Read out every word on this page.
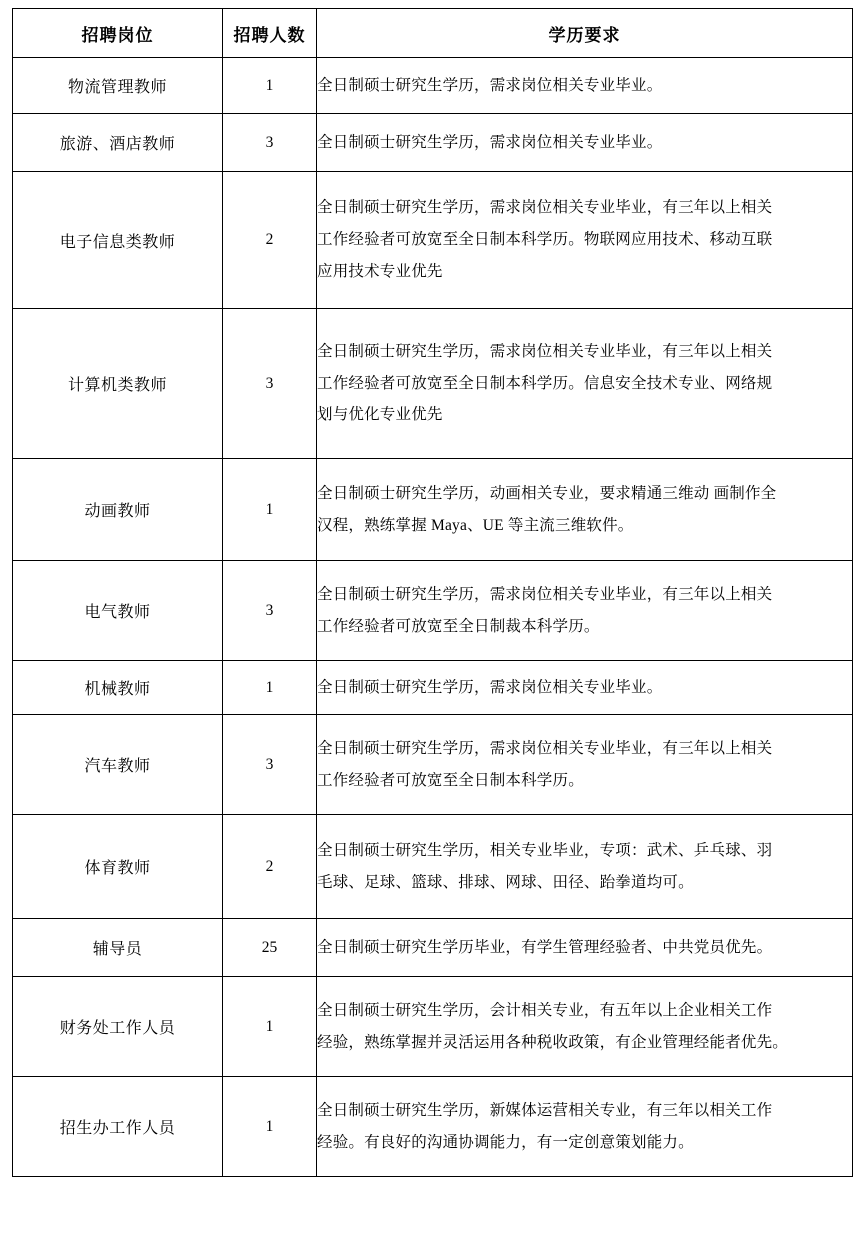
招聘岗位	招聘人数	学历要求
物流管理教师	1	全日制硕士研究生学历，需求岗位相关专业毕业。

旅游、酒店教师	3	全日制硕士研究生学历，需求岗位相关专业毕业。

电子信息类教师	2	全日制硕士研究生学历，需求岗位相关专业毕业，有三年以上相关
工作经验者可放宽至全日制本科学历。物联网应用技术、移动互联
应用技术专业优先

计算机类教师	3	全日制硕士研究生学历，需求岗位相关专业毕业，有三年以上相关
工作经验者可放宽至全日制本科学历。信息安全技术专业、网络规
划与优化专业优先

动画教师	1	全日制硕士研究生学历，动画相关专业，要求精通三维动 画制作全
汉程，熟练掌握 Maya、UE 等主流三维软件。

电气教师	3	全日制硕士研究生学历，需求岗位相关专业毕业，有三年以上相关
工作经验者可放宽至全日制裁本科学历。

机械教师	1	全日制硕士研究生学历，需求岗位相关专业毕业。

汽车教师	3	全日制硕士研究生学历，需求岗位相关专业毕业，有三年以上相关
工作经验者可放宽至全日制本科学历。

体育教师	2	全日制硕士研究生学历，相关专业毕业，专项：武术、乒乓球、羽
毛球、足球、篮球、排球、网球、田径、跆拳道均可。

辅导员	25	全日制硕士研究生学历毕业，有学生管理经验者、中共党员优先。

财务处工作人员	1	全日制硕士研究生学历，会计相关专业，有五年以上企业相关工作
经验，熟练掌握并灵活运用各种税收政策，有企业管理经能者优先。

招生办工作人员	1	全日制硕士研究生学历，新媒体运营相关专业，有三年以相关工作
经验。有良好的沟通协调能力，有一定创意策划能力。
